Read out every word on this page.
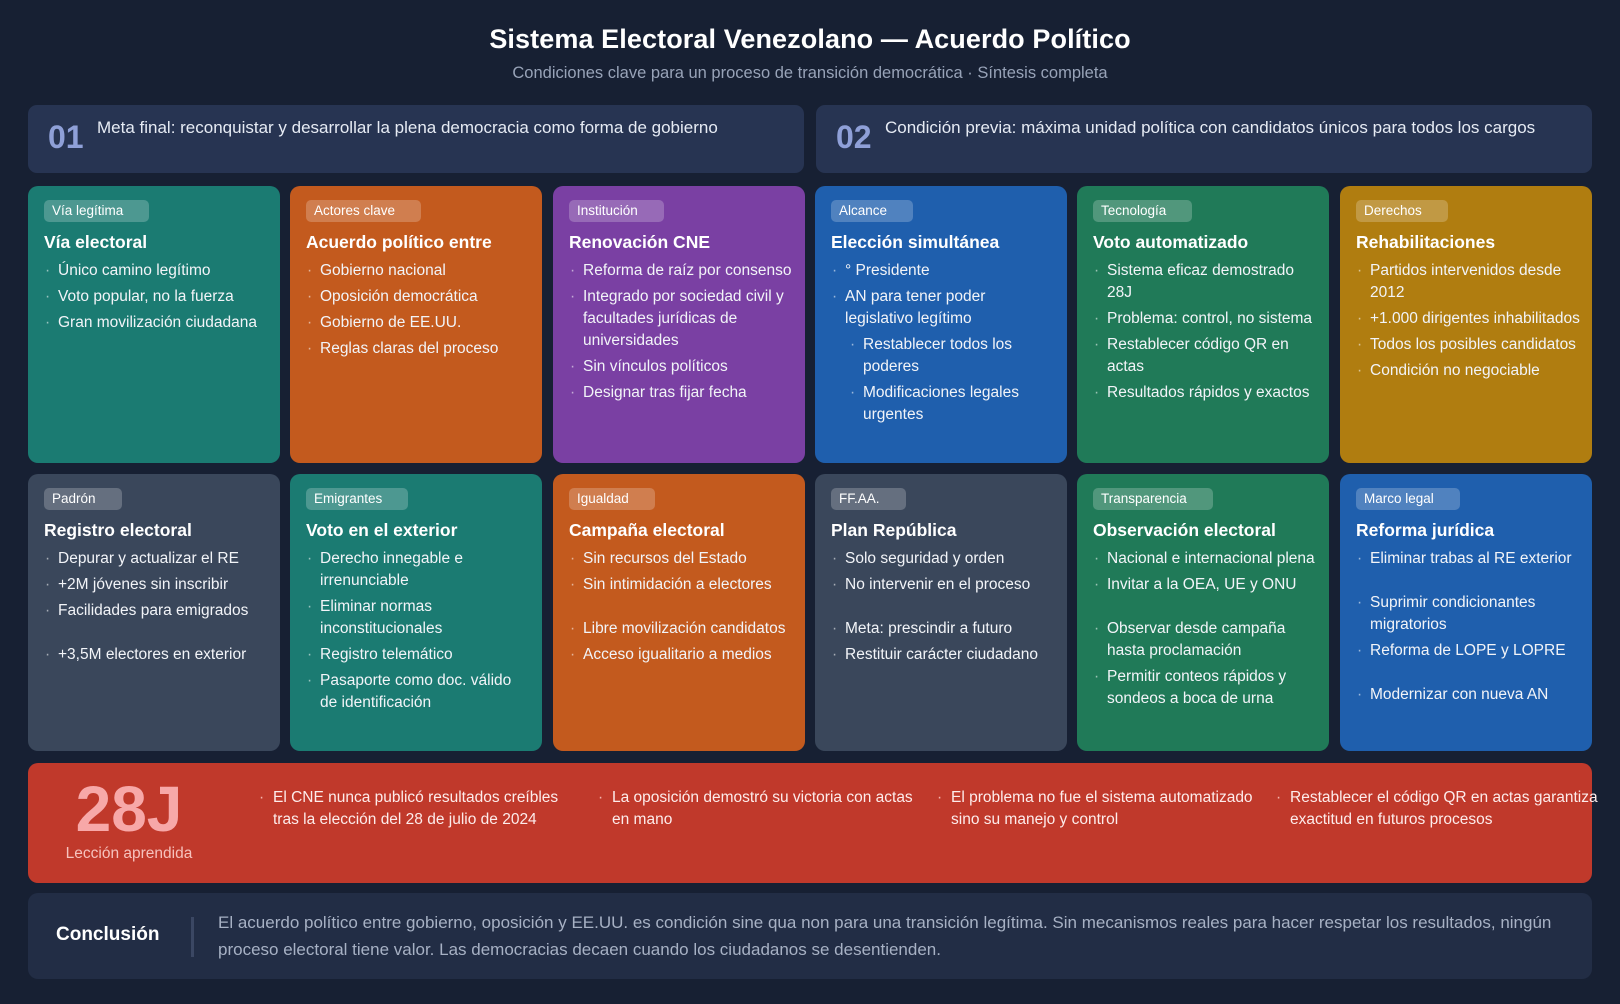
Sistema Electoral Venezolano — Acuerdo Político
Condiciones clave para un proceso de transición democrática · Síntesis completa
01 Meta final: reconquistar y desarrollar la plena democracia como forma de gobierno	02 Condición previa: máxima unidad política con candidatos únicos para todos los cargos
Vía legítima
Vía electoral
· Único camino legítimo
· Voto popular, no la fuerza
· Gran movilización ciudadana
Actores clave
Acuerdo político entre
· Gobierno nacional
· Oposición democrática
· Gobierno de EE.UU.
· Reglas claras del proceso
Institución
Renovación CNE
· Reforma de raíz por consenso
· Integrado por sociedad civil y facultades jurídicas de universidades
· Sin vínculos políticos
· Designar tras fijar fecha
Alcance
Elección simultánea
· ° Presidente
· AN para tener poder legislativo legítimo
· Restablecer todos los poderes
· Modificaciones legales urgentes
Tecnología
Voto automatizado
· Sistema eficaz demostrado 28J
· Problema: control, no sistema
· Restablecer código QR en actas
· Resultados rápidos y exactos
Derechos
Rehabilitaciones
· Partidos intervenidos desde 2012
· +1.000 dirigentes inhabilitados
· Todos los posibles candidatos
· Condición no negociable
Padrón
Registro electoral
· Depurar y actualizar el RE
· +2M jóvenes sin inscribir
· Facilidades para emigrados
· +3,5M electores en exterior
Emigrantes
Voto en el exterior
· Derecho innegable e irrenunciable
· Eliminar normas inconstitucionales
· Registro telemático
· Pasaporte como doc. válido de identificación
Igualdad
Campaña electoral
· Sin recursos del Estado
· Sin intimidación a electores
· Libre movilización candidatos
· Acceso igualitario a medios
FF.AA.
Plan República
· Solo seguridad y orden
· No intervenir en el proceso
· Meta: prescindir a futuro
· Restituir carácter ciudadano
Transparencia
Observación electoral
· Nacional e internacional plena
· Invitar a la OEA, UE y ONU
· Observar desde campaña hasta proclamación
· Permitir conteos rápidos y sondeos a boca de urna
Marco legal
Reforma jurídica
· Eliminar trabas al RE exterior
· Suprimir condicionantes migratorios
· Reforma de LOPE y LOPRE
· Modernizar con nueva AN
28J
Lección aprendida
· El CNE nunca publicó resultados creíbles tras la elección del 28 de julio de 2024
· La oposición demostró su victoria con actas en mano
· El problema no fue el sistema automatizado sino su manejo y control
· Restablecer el código QR en actas garantiza exactitud en futuros procesos
Conclusión
El acuerdo político entre gobierno, oposición y EE.UU. es condición sine qua non para una transición legítima. Sin mecanismos reales para hacer respetar los resultados, ningún proceso electoral tiene valor. Las democracias decaen cuando los ciudadanos se desentienden.
